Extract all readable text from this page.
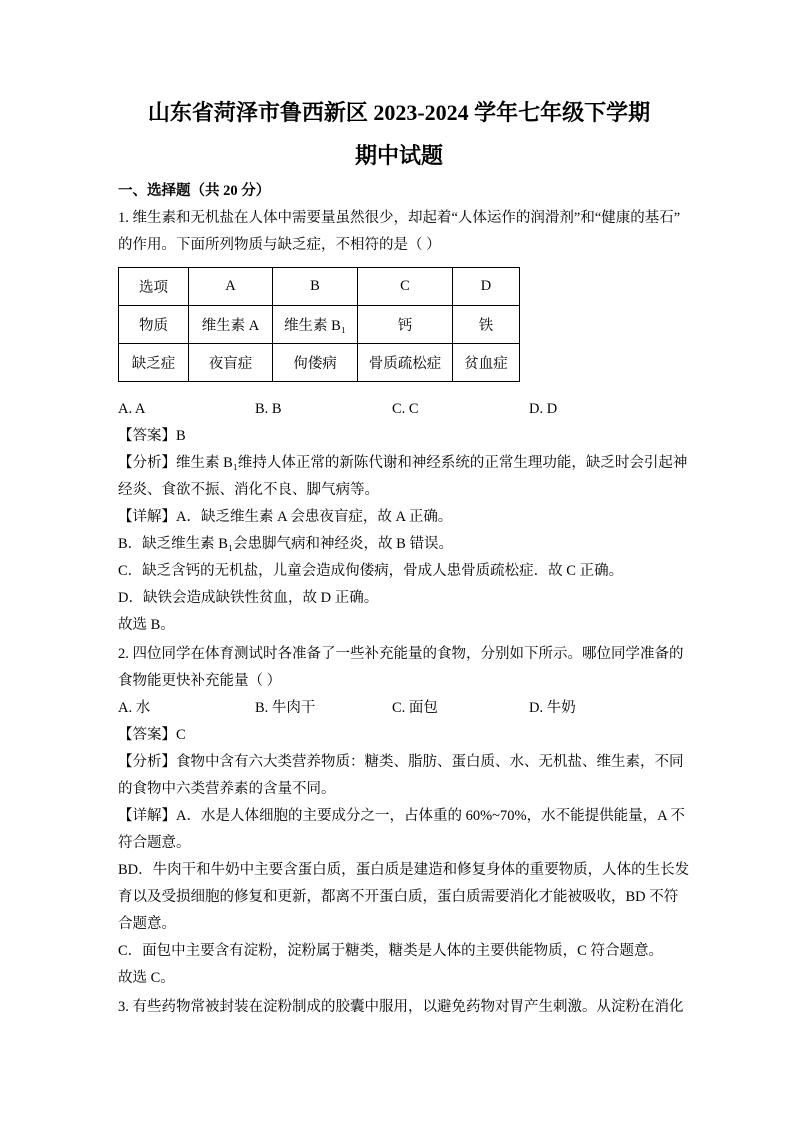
山东省菏泽市鲁西新区 2023-2024 学年七年级下学期
期中试题
一、选择题（共 20 分）
1. 维生素和无机盐在人体中需要量虽然很少，却起着“人体运作的润滑剂”和“健康的基石”
的作用。下面所列物质与缺乏症，不相符的是（ ）
选项	A	B	C	D
物质	维生素 A	维生素 B₁	钙	铁
缺乏症	夜盲症	佝偻病	骨质疏松症	贫血症
A. A	B. B	C. C	D. D
【答案】B
【分析】维生素 B₁维持人体正常的新陈代谢和神经系统的正常生理功能，缺乏时会引起神
经炎、食欲不振、消化不良、脚气病等。
【详解】A．缺乏维生素 A 会患夜盲症，故 A 正确。
B．缺乏维生素 B₁会患脚气病和神经炎，故 B 错误。
C．缺乏含钙的无机盐，儿童会造成佝偻病，骨成人患骨质疏松症．故 C 正确。
D．缺铁会造成缺铁性贫血，故 D 正确。
故选 B。
2. 四位同学在体育测试时各准备了一些补充能量的食物，分别如下所示。哪位同学准备的
食物能更快补充能量（ ）
A. 水	B. 牛肉干	C. 面包	D. 牛奶
【答案】C
【分析】食物中含有六大类营养物质：糖类、脂肪、蛋白质、水、无机盐、维生素，不同
的食物中六类营养素的含量不同。
【详解】A．水是人体细胞的主要成分之一，占体重的 60%~70%，水不能提供能量，A 不
符合题意。
BD．牛肉干和牛奶中主要含蛋白质，蛋白质是建造和修复身体的重要物质，人体的生长发
育以及受损细胞的修复和更新，都离不开蛋白质，蛋白质需要消化才能被吸收，BD 不符
合题意。
C．面包中主要含有淀粉，淀粉属于糖类，糖类是人体的主要供能物质，C 符合题意。
故选 C。
3. 有些药物常被封装在淀粉制成的胶囊中服用，以避免药物对胃产生刺激。从淀粉在消化
